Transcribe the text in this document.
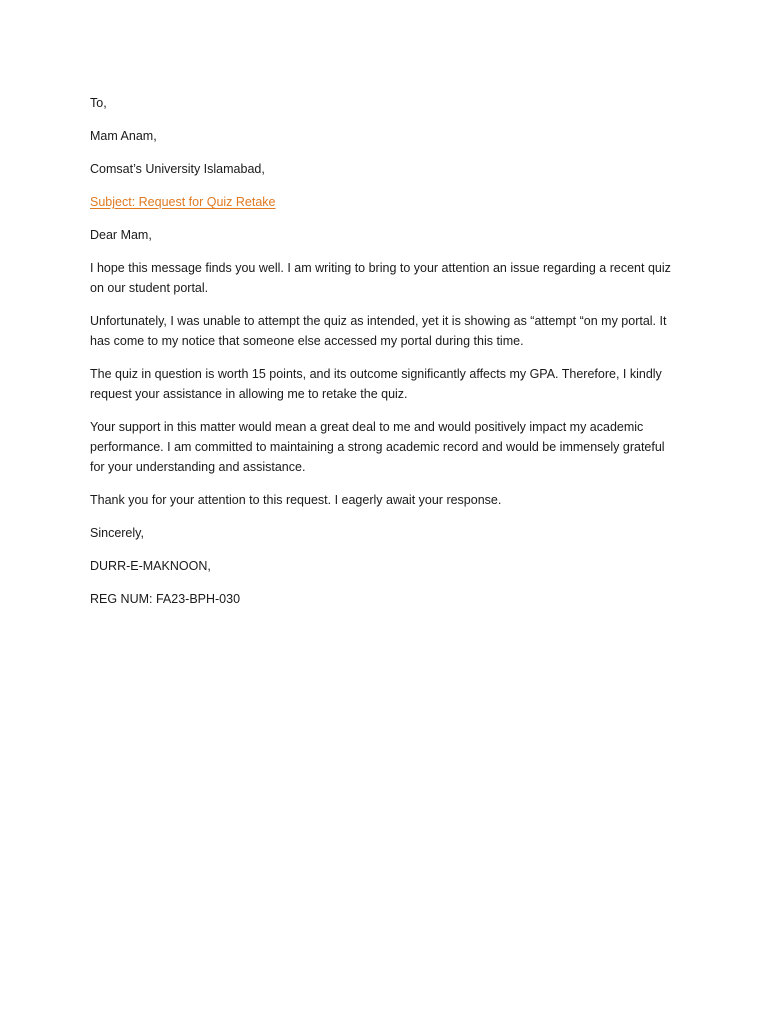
To,

Mam Anam,

Comsat’s University Islamabad,

Subject: Request for Quiz Retake

Dear Mam,

I hope this message finds you well. I am writing to bring to your attention an issue regarding a recent quiz on our student portal.

Unfortunately, I was unable to attempt the quiz as intended, yet it is showing as “attempt “on my portal. It has come to my notice that someone else accessed my portal during this time.

The quiz in question is worth 15 points, and its outcome significantly affects my GPA. Therefore, I kindly request your assistance in allowing me to retake the quiz.

Your support in this matter would mean a great deal to me and would positively impact my academic performance. I am committed to maintaining a strong academic record and would be immensely grateful for your understanding and assistance.

Thank you for your attention to this request. I eagerly await your response.

Sincerely,

DURR-E-MAKNOON,

REG NUM: FA23-BPH-030
